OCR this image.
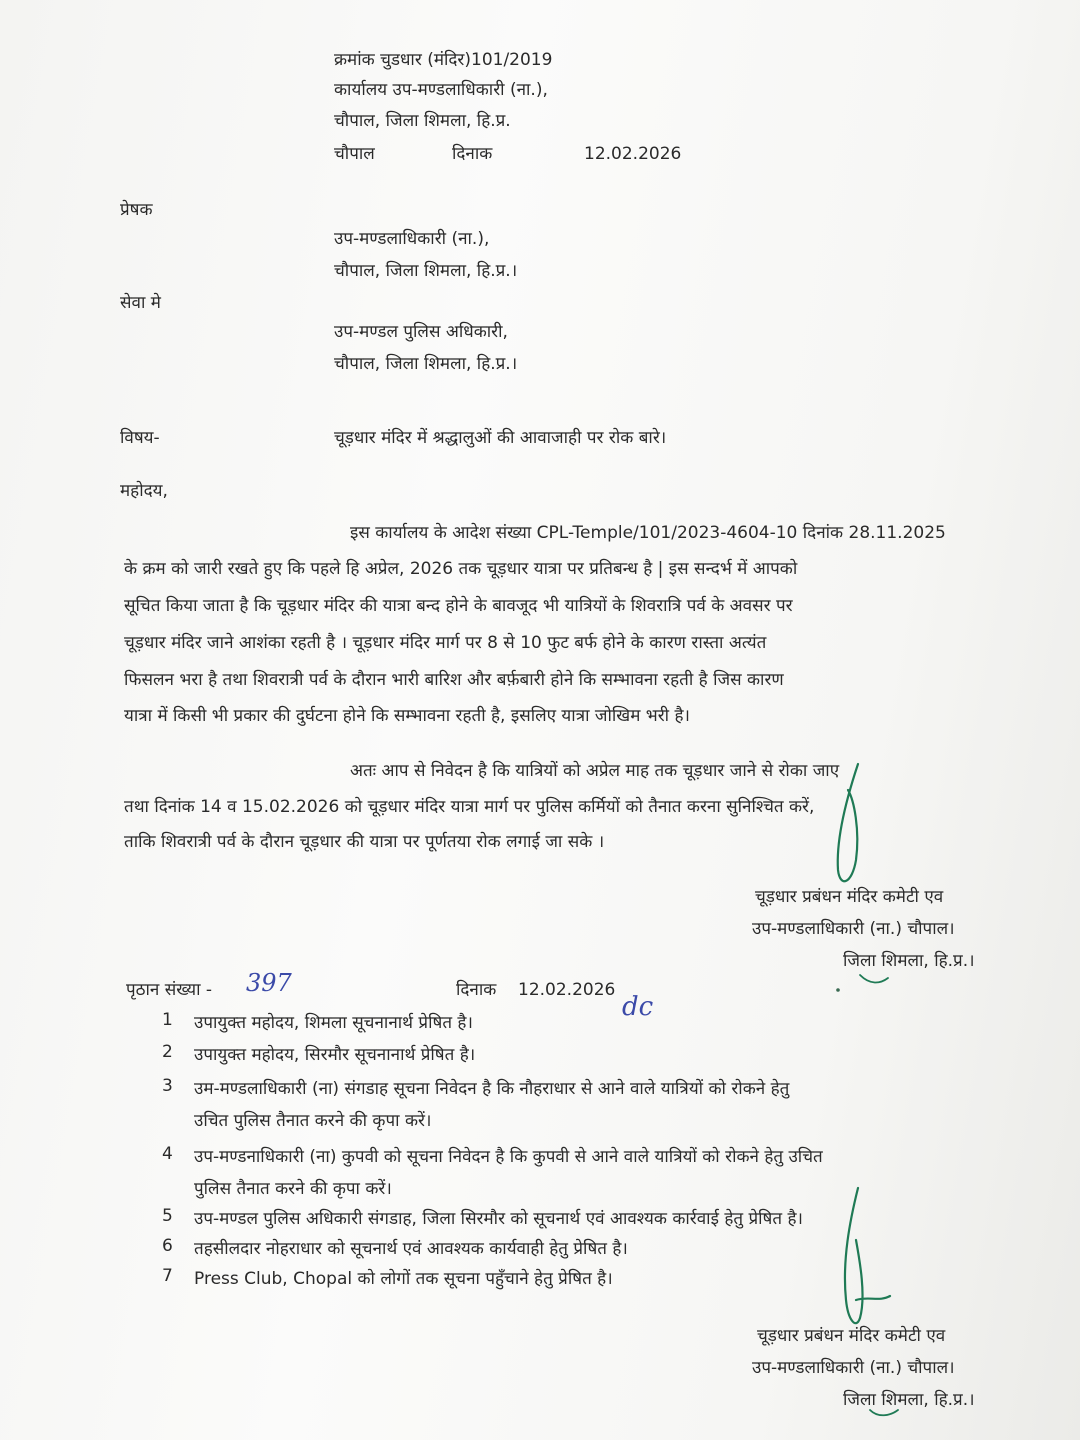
क्रमांक चुडधार (मंदिर)101/2019
कार्यालय उप-मण्डलाधिकारी (ना.),
चौपाल, जिला शिमला, हि.प्र.
चौपाल	दिनाक	12.02.2026
प्रेषक
उप-मण्डलाधिकारी (ना.),
चौपाल, जिला शिमला, हि.प्र.।
सेवा मे
उप-मण्डल पुलिस अधिकारी,
चौपाल, जिला शिमला, हि.प्र.।
विषय-	चूड़धार मंदिर में श्रद्धालुओं की आवाजाही पर रोक बारे।
महोदय,
इस कार्यालय के आदेश संख्या CPL-Temple/101/2023-4604-10 दिनांक 28.11.2025
के क्रम को जारी रखते हुए कि पहले हि अप्रेल, 2026 तक चूड़धार यात्रा पर प्रतिबन्ध है | इस सन्दर्भ में आपको
सूचित किया जाता है कि चूड़धार मंदिर की यात्रा बन्द होने के बावजूद भी यात्रियों के शिवरात्रि पर्व के अवसर पर
चूड़धार मंदिर जाने आशंका रहती है । चूड़धार मंदिर मार्ग पर 8 से 10 फुट बर्फ होने के कारण रास्ता अत्यंत
फिसलन भरा है तथा शिवरात्री पर्व के दौरान भारी बारिश और बर्फ़बारी होने कि सम्भावना रहती है जिस कारण
यात्रा में किसी भी प्रकार की दुर्घटना होने कि सम्भावना रहती है, इसलिए यात्रा जोखिम भरी है।
अतः आप से निवेदन है कि यात्रियों को अप्रेल माह तक चूड़धार जाने से रोका जाए
तथा दिनांक 14 व 15.02.2026 को चूड़धार मंदिर यात्रा मार्ग पर पुलिस कर्मियों को तैनात करना सुनिश्चित करें,
ताकि शिवरात्री पर्व के दौरान चूड़धार की यात्रा पर पूर्णतया रोक लगाई जा सके ।
चूड़धार प्रबंधन मंदिर कमेटी एव
उप-मण्डलाधिकारी (ना.) चौपाल।
जिला शिमला, हि.प्र.।
पृठान संख्या - 397	दिनाक 12.02.2026
dc
1	उपायुक्त महोदय, शिमला सूचनानार्थ प्रेषित है।
2	उपायुक्त महोदय, सिरमौर सूचनानार्थ प्रेषित है।
3	उम-मण्डलाधिकारी (ना) संगडाह सूचना निवेदन है कि नौहराधार से आने वाले यात्रियों को रोकने हेतु
उचित पुलिस तैनात करने की कृपा करें।
4	उप-मण्डनाधिकारी (ना) कुपवी को सूचना निवेदन है कि कुपवी से आने वाले यात्रियों को रोकने हेतु उचित
पुलिस तैनात करने की कृपा करें।
5	उप-मण्डल पुलिस अधिकारी संगडाह, जिला सिरमौर को सूचनार्थ एवं आवश्यक कार्रवाई हेतु प्रेषित है।
6	तहसीलदार नोहराधार को सूचनार्थ एवं आवश्यक कार्यवाही हेतु प्रेषित है।
7	Press Club, Chopal को लोगों तक सूचना पहुँचाने हेतु प्रेषित है।
चूड़धार प्रबंधन मंदिर कमेटी एव
उप-मण्डलाधिकारी (ना.) चौपाल।
जिला शिमला, हि.प्र.।
